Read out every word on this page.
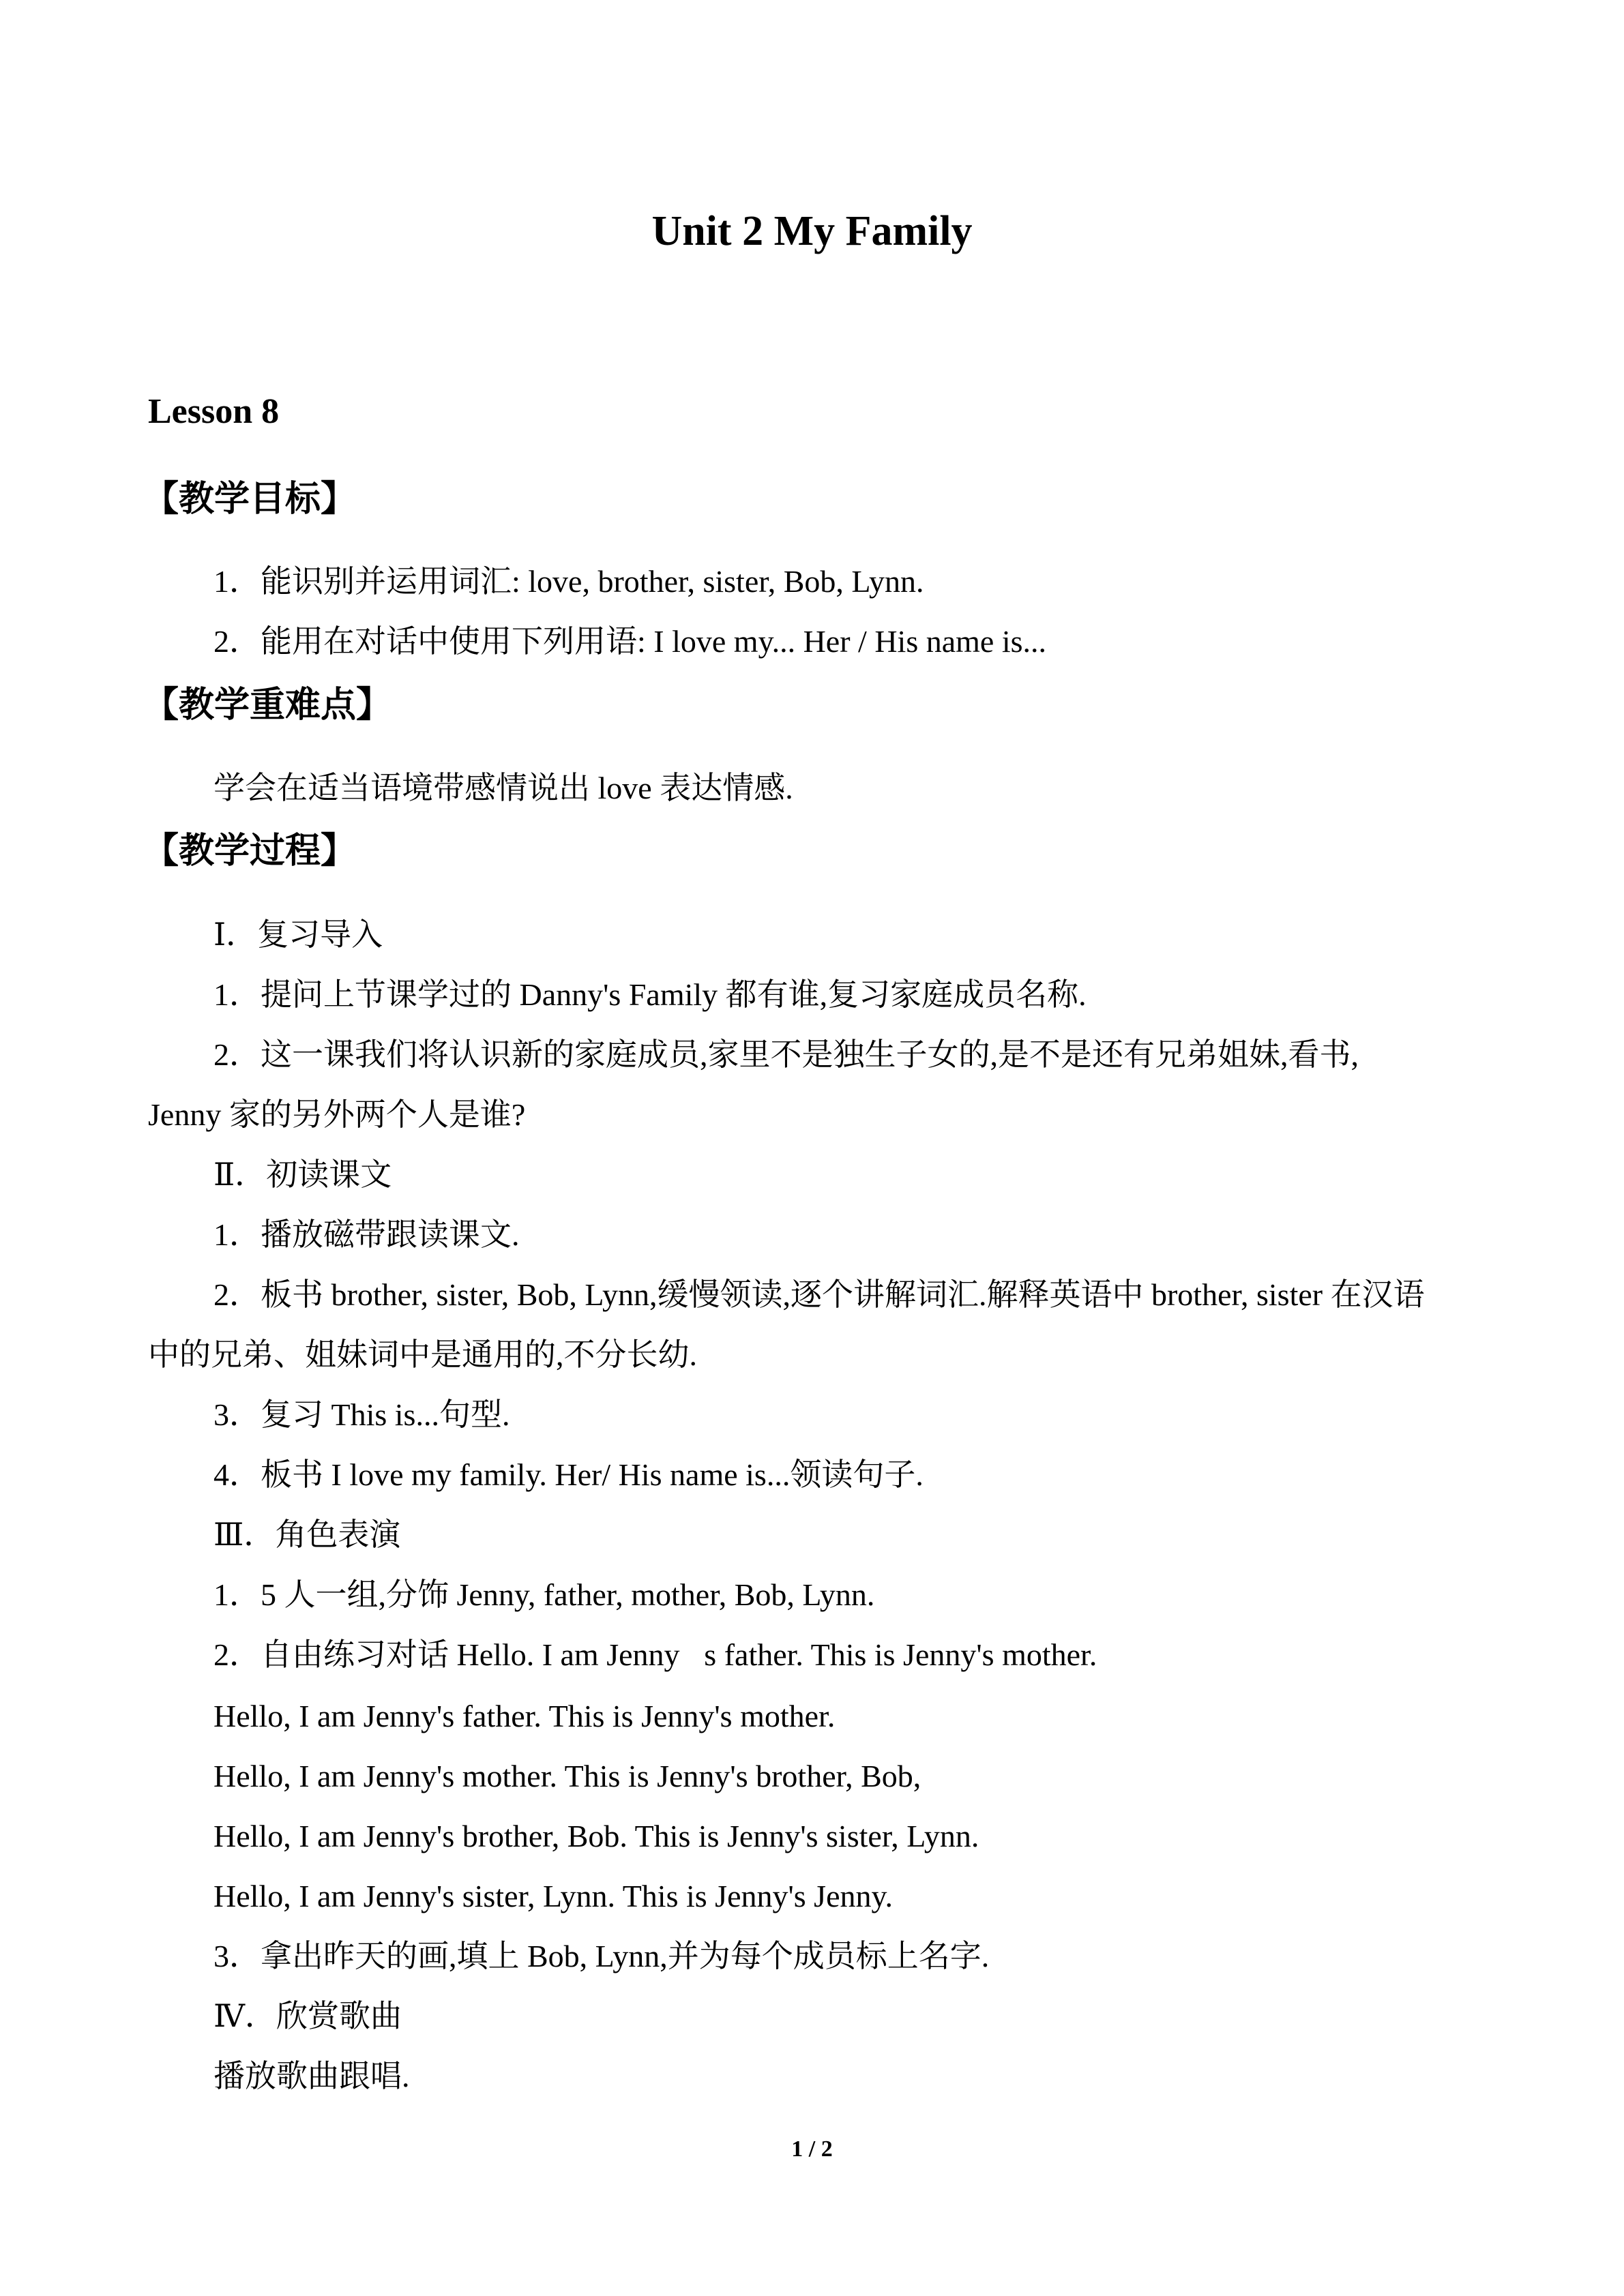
Unit 2 My Family
Lesson 8
【教学目标】
1．能识别并运用词汇: love, brother, sister, Bob, Lynn.
2．能用在对话中使用下列用语: I love my... Her / His name is...
【教学重难点】
学会在适当语境带感情说出 love 表达情感.
【教学过程】
Ⅰ．复习导入
1．提问上节课学过的 Danny's Family 都有谁,复习家庭成员名称.
2．这一课我们将认识新的家庭成员,家里不是独生子女的,是不是还有兄弟姐妹,看书,
Jenny 家的另外两个人是谁?
Ⅱ．初读课文
1．播放磁带跟读课文.
2．板书 brother, sister, Bob, Lynn,缓慢领读,逐个讲解词汇.解释英语中 brother, sister 在汉语
中的兄弟、姐妹词中是通用的,不分长幼.
3．复习 This is...句型.
4．板书 I love my family. Her/ His name is...领读句子.
Ⅲ．角色表演
1．5 人一组,分饰 Jenny, father, mother, Bob, Lynn.
2．自由练习对话 Hello. I am Jenny s father. This is Jenny's mother.
Hello, I am Jenny's father. This is Jenny's mother.
Hello, I am Jenny's mother. This is Jenny's brother, Bob,
Hello, I am Jenny's brother, Bob. This is Jenny's sister, Lynn.
Hello, I am Jenny's sister, Lynn. This is Jenny's Jenny.
3．拿出昨天的画,填上 Bob, Lynn,并为每个成员标上名字.
Ⅳ．欣赏歌曲
播放歌曲跟唱.
1 / 2
